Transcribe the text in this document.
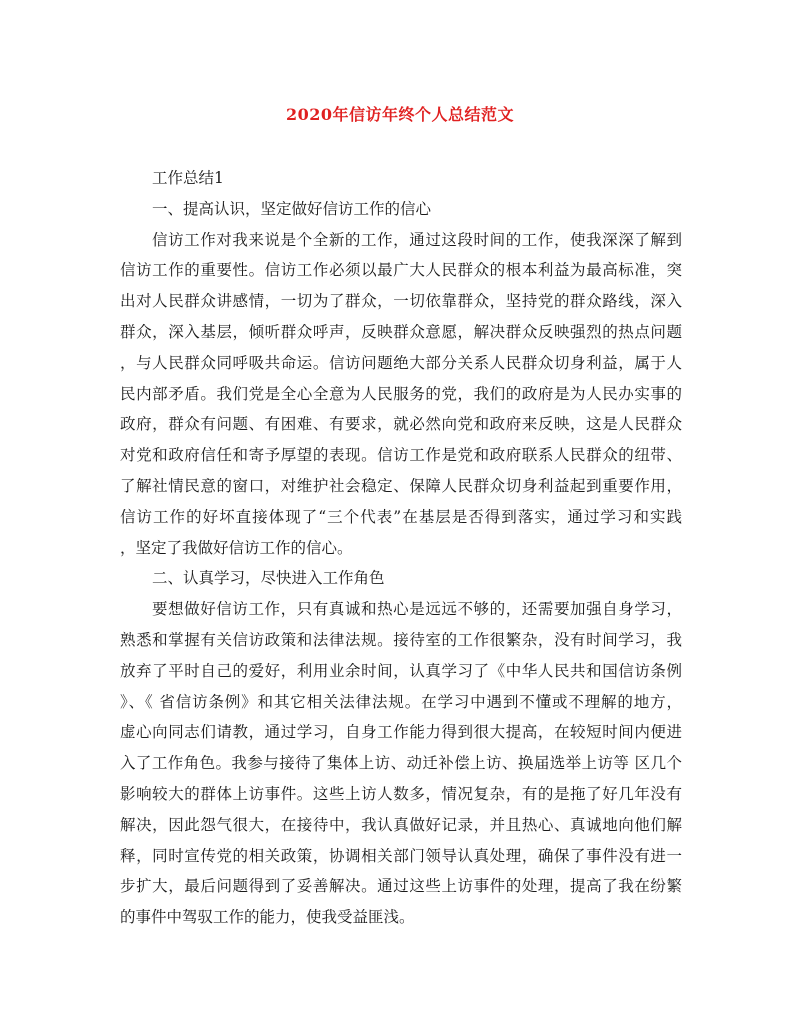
2020年信访年终个人总结范文
工作总结1
一、提高认识，坚定做好信访工作的信心
信访工作对我来说是个全新的工作，通过这段时间的工作，使我深深了解到
信访工作的重要性。信访工作必须以最广大人民群众的根本利益为最高标准，突
出对人民群众讲感情，一切为了群众，一切依靠群众，坚持党的群众路线，深入
群众，深入基层，倾听群众呼声，反映群众意愿，解决群众反映强烈的热点问题
，与人民群众同呼吸共命运。信访问题绝大部分关系人民群众切身利益，属于人
民内部矛盾。我们党是全心全意为人民服务的党，我们的政府是为人民办实事的
政府，群众有问题、有困难、有要求，就必然向党和政府来反映，这是人民群众
对党和政府信任和寄予厚望的表现。信访工作是党和政府联系人民群众的纽带、
了解社情民意的窗口，对维护社会稳定、保障人民群众切身利益起到重要作用，
信访工作的好坏直接体现了“三个代表”在基层是否得到落实，通过学习和实践
，坚定了我做好信访工作的信心。
二、认真学习，尽快进入工作角色
要想做好信访工作，只有真诚和热心是远远不够的，还需要加强自身学习，
熟悉和掌握有关信访政策和法律法规。接待室的工作很繁杂，没有时间学习，我
放弃了平时自己的爱好，利用业余时间，认真学习了《中华人民共和国信访条例
》、《 省信访条例》和其它相关法律法规。在学习中遇到不懂或不理解的地方，
虚心向同志们请教，通过学习，自身工作能力得到很大提高，在较短时间内便进
入了工作角色。我参与接待了集体上访、动迁补偿上访、换届选举上访等 区几个
影响较大的群体上访事件。这些上访人数多，情况复杂，有的是拖了好几年没有
解决，因此怨气很大，在接待中，我认真做好记录，并且热心、真诚地向他们解
释，同时宣传党的相关政策，协调相关部门领导认真处理，确保了事件没有进一
步扩大，最后问题得到了妥善解决。通过这些上访事件的处理，提高了我在纷繁
的事件中驾驭工作的能力，使我受益匪浅。
